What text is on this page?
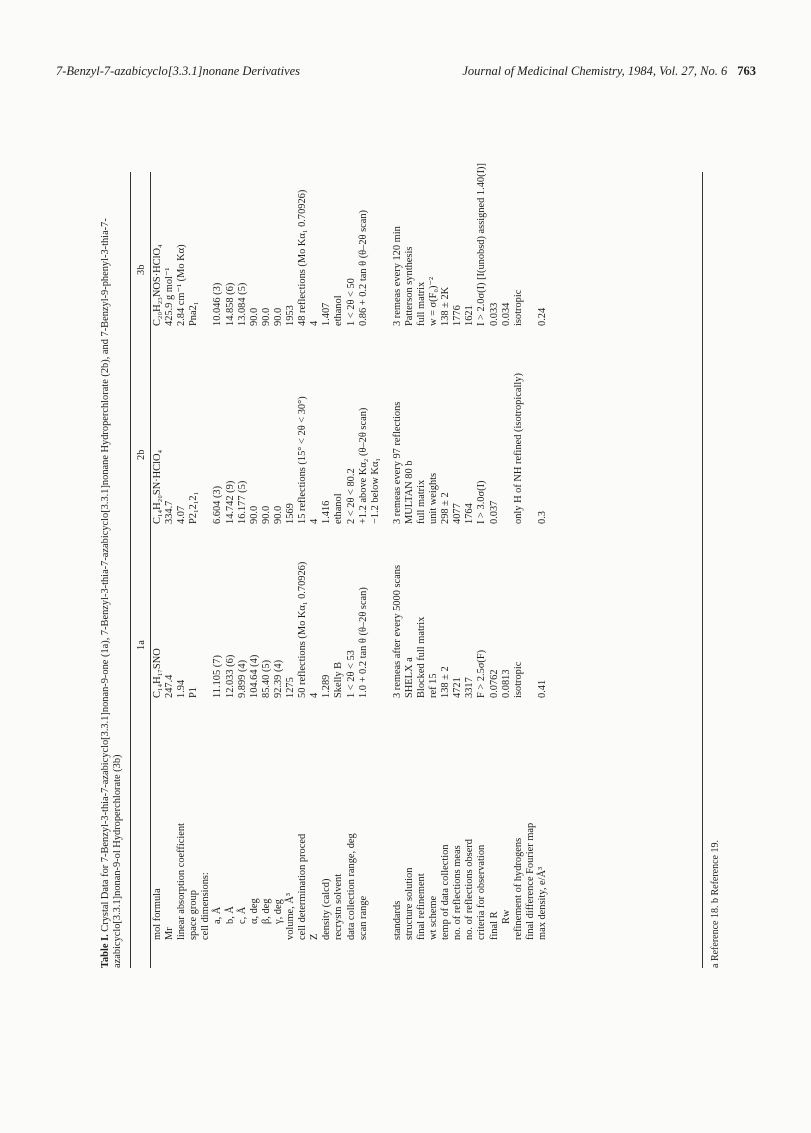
7-Benzyl-7-azabicyclo[3.3.1]nonane Derivatives	Journal of Medicinal Chemistry, 1984, Vol. 27, No. 6 763
Table I. Crystal Data for 7-Benzyl-3-thia-7-azabicyclo[3.3.1]nonan-9-one (1a), 7-Benzyl-3-thia-7-azabicyclo[3.3.1]nonane Hydroperchlorate (2b), and 7-Benzyl-9-phenyl-3-thia-7-azabicyclo[3.3.1]nonan-9-ol Hydroperchlorate (3b)
1a
2b
3b
mol formula Mr linear absorption coefficient space group cell dimensions: a, Å b, Å c, Å α, deg β, deg γ, deg volume, Å³ cell determination proced Z density (calcd) recrystn solvent data collection range, deg scan range standards structure solution final refinement wt scheme temp of data collection no. of reflections meas no. of reflections obserd criteria for observation final R Rw refinement of hydrogens final difference Fourier map max density, e/Å³
C₁₄H₁₇SNO 247.4 1.94 P1 11.105 (7) 12.033 (6) 9.899 (4) 104.64 (4) 85.40 (5) 92.39 (4) 1275 50 reflections (Mo Kα₁ 0.70926) 4 1.289 Skelly B 1 < 2θ < 53 1.0 + 0.2 tan θ (θ–2θ scan) 3 remeas after every 5000 scans SHELX a Blocked full matrix ref 15 138 ± 2 4721 3317 F > 2.5σ(F) 0.0762 0.0813 isotropic 0.41
C₁₄H₂₀SN·HClO₄ 334.7 4.07 P2₁2₁2₁ 6.604 (3) 14.742 (9) 16.177 (5) 90.0 90.0 90.0 1569 15 reflections (15° < 2θ < 30°) 4 1.416 ethanol 2 < 2θ < 80.2 +1.2 above Kα₂ (θ–2θ scan) −1.2 below Kα₁ 3 remeas every 97 reflections MULTAN 80 b full matrix unit weights 298 ± 2 4077 1764 I > 3.0σ(I) 0.037 only H of NH refined (isotropically) 0.3
C₂₀H₂₃NOS·HClO₄ 425.9 g mol⁻¹ 2.84 cm⁻¹ (Mo Kα) Pna2₁ 10.046 (3) 14.858 (6) 13.084 (5) 90.0 90.0 90.0 1953 48 reflections (Mo Kα₁ 0.70926) 4 1.407 ethanol 1 < 2θ < 50 0.86 + 0.2 tan θ (θ–2θ scan) 3 remeas every 120 min Patterson synthesis full matrix w = σ(F₀)⁻² 138 ± 2K 1776 1621 I > 2.0σ(I) [I(unobsd) assigned 1.40(I)] 0.033 0.034 isotropic 0.24
a Reference 18. b Reference 19.
